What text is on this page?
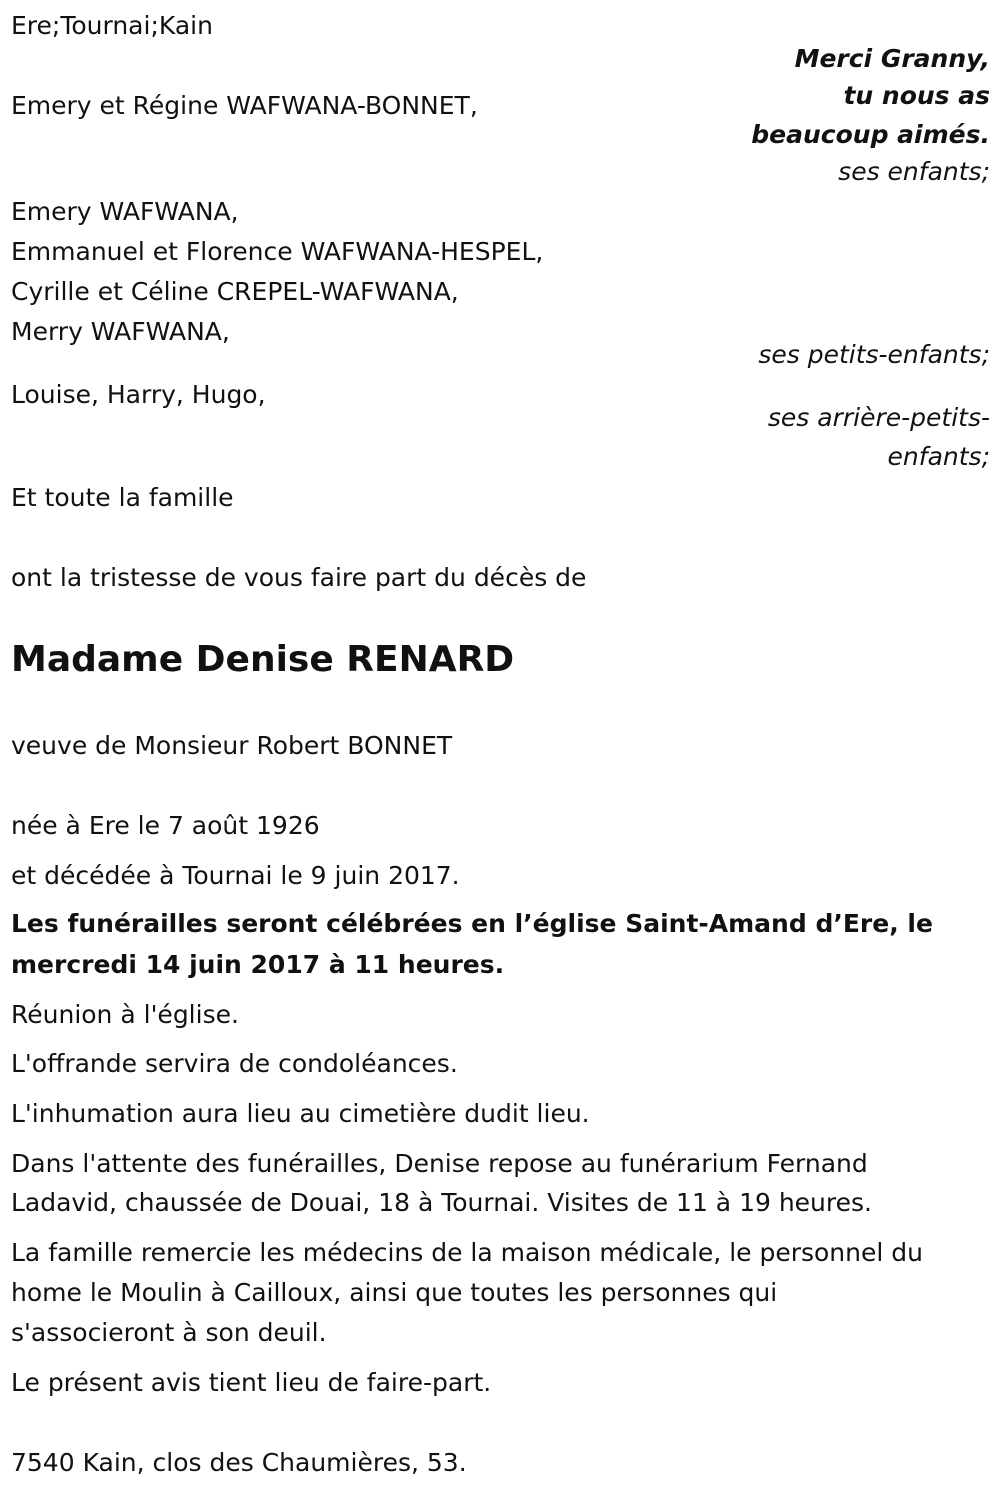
Ere;Tournai;Kain

Merci Granny,

tu nous as

beaucoup aimés.

ses enfants;

ses petits-enfants;

ses arrière-petits-

enfants;

Emery et Régine WAFWANA-BONNET,

Emery WAFWANA,

Emmanuel et Florence WAFWANA-HESPEL,

Cyrille et Céline CREPEL-WAFWANA,

Merry WAFWANA,

Louise, Harry, Hugo,

Et toute la famille

ont la tristesse de vous faire part du décès de

Madame Denise RENARD

veuve de Monsieur Robert BONNET

née à Ere le 7 août 1926

et décédée à Tournai le 9 juin 2017.

Les funérailles seront célébrées en l’église Saint-Amand d’Ere, le

mercredi 14 juin 2017 à 11 heures.

Réunion à l'église.

L'offrande servira de condoléances.

L'inhumation aura lieu au cimetière dudit lieu.

Dans l'attente des funérailles, Denise repose au funérarium Fernand

Ladavid, chaussée de Douai, 18 à Tournai. Visites de 11 à 19 heures.

La famille remercie les médecins de la maison médicale, le personnel du

home le Moulin à Cailloux, ainsi que toutes les personnes qui

s'associeront à son deuil.

Le présent avis tient lieu de faire-part.

7540 Kain, clos des Chaumières, 53.
